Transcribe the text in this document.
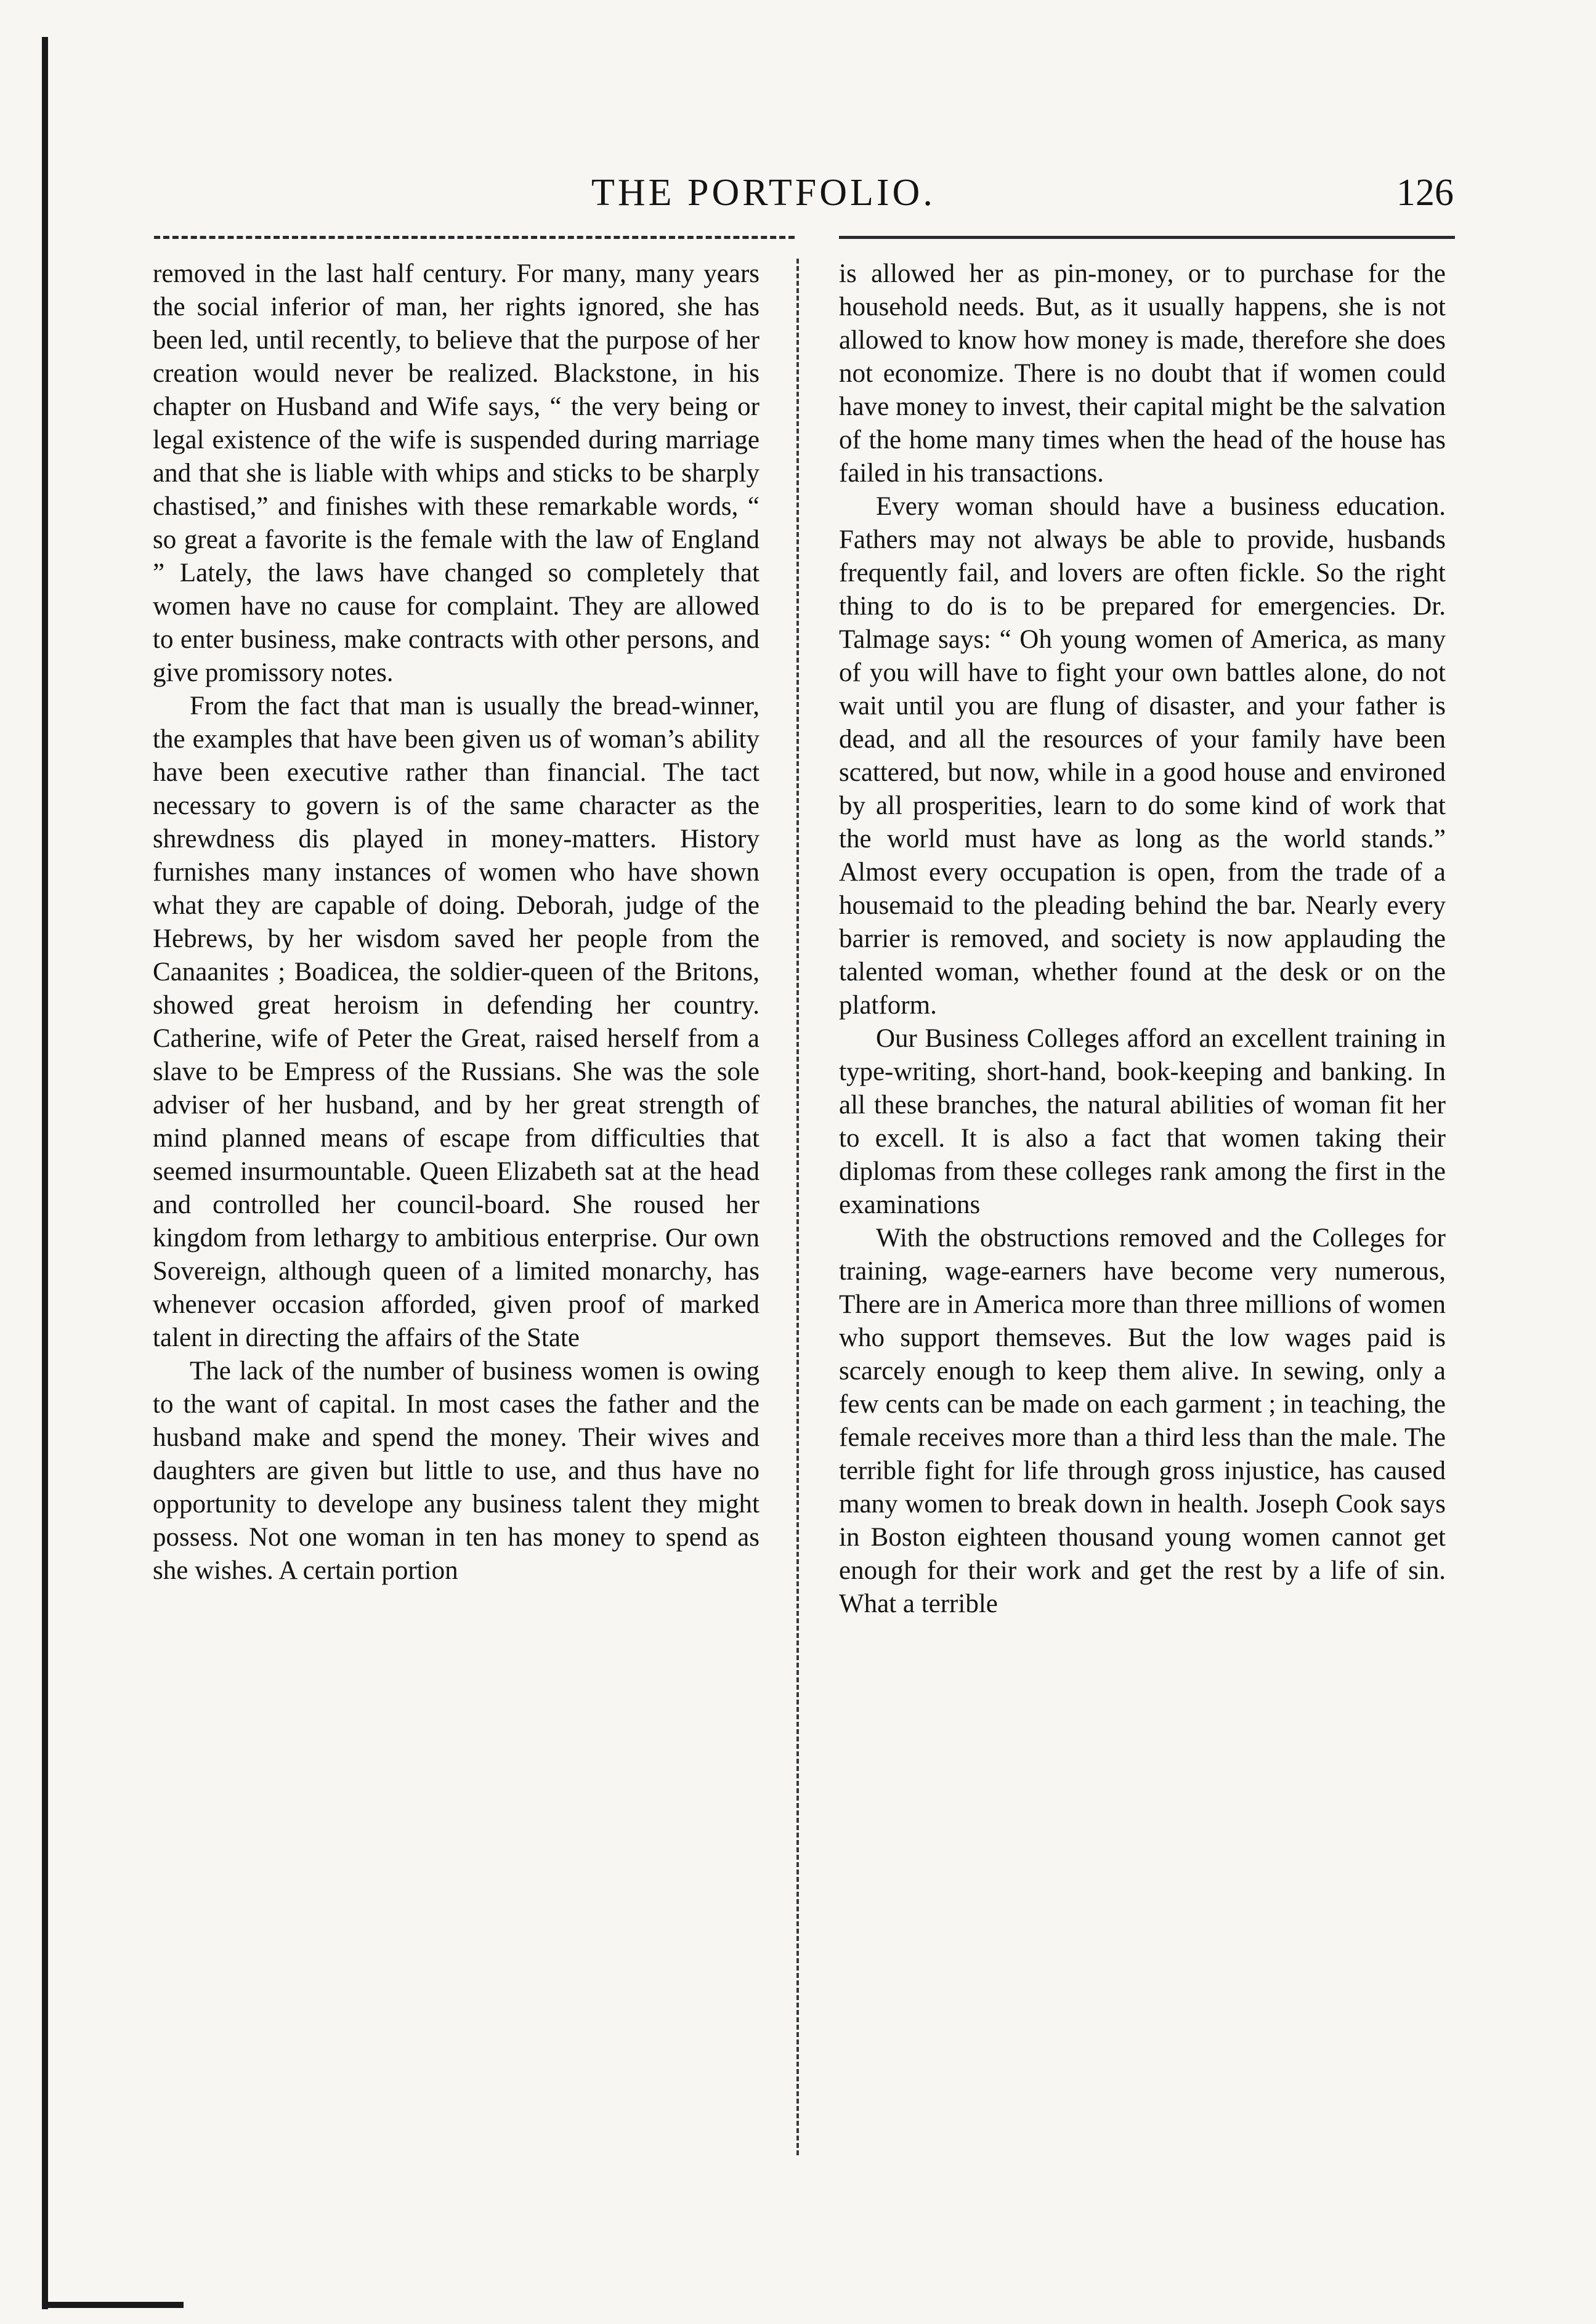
THE PORTFOLIO.	126

removed in the last half century. For many, many years the social inferior of man, her rights ignored, she has been led, until recently, to believe that the purpose of her creation would never be realized. Blackstone, in his chapter on Husband and Wife says, “ the very being or legal existence of the wife is suspended during marriage and that she is liable with whips and sticks to be sharply chastised,” and finishes with these remarkable words, “ so great a favorite is the female with the law of England ” Lately, the laws have changed so completely that women have no cause for complaint. They are allowed to enter business, make contracts with other persons, and give promissory notes.

From the fact that man is usually the bread-winner, the examples that have been given us of woman’s ability have been executive rather than financial. The tact necessary to govern is of the same character as the shrewdness dis played in money-matters. History furnishes many instances of women who have shown what they are capable of doing. Deborah, judge of the Hebrews, by her wisdom saved her people from the Canaanites ; Boadicea, the soldier-queen of the Britons, showed great heroism in defending her country. Catherine, wife of Peter the Great, raised herself from a slave to be Empress of the Russians. She was the sole adviser of her husband, and by her great strength of mind planned means of escape from difficulties that seemed insurmountable. Queen Elizabeth sat at the head and controlled her council-board. She roused her kingdom from lethargy to ambitious enterprise. Our own Sovereign, although queen of a limited monarchy, has whenever occasion afforded, given proof of marked talent in directing the affairs of the State

The lack of the number of business women is owing to the want of capital. In most cases the father and the husband make and spend the money. Their wives and daughters are given but little to use, and thus have no opportunity to develope any business talent they might possess. Not one woman in ten has money to spend as she wishes. A certain portion

is allowed her as pin-money, or to purchase for the household needs. But, as it usually happens, she is not allowed to know how money is made, therefore she does not economize. There is no doubt that if women could have money to invest, their capital might be the salvation of the home many times when the head of the house has failed in his transactions.

Every woman should have a business education. Fathers may not always be able to provide, husbands frequently fail, and lovers are often fickle. So the right thing to do is to be prepared for emergencies. Dr. Talmage says: “ Oh young women of America, as many of you will have to fight your own battles alone, do not wait until you are flung of disaster, and your father is dead, and all the resources of your family have been scattered, but now, while in a good house and environed by all prosperities, learn to do some kind of work that the world must have as long as the world stands.” Almost every occupation is open, from the trade of a housemaid to the pleading behind the bar. Nearly every barrier is removed, and society is now applauding the talented woman, whether found at the desk or on the platform.

Our Business Colleges afford an excellent training in type-writing, short-hand, book-keeping and banking. In all these branches, the natural abilities of woman fit her to excell. It is also a fact that women taking their diplomas from these colleges rank among the first in the examinations

With the obstructions removed and the Colleges for training, wage-earners have become very numerous, There are in America more than three millions of women who support themseves. But the low wages paid is scarcely enough to keep them alive. In sewing, only a few cents can be made on each garment ; in teaching, the female receives more than a third less than the male. The terrible fight for life through gross injustice, has caused many women to break down in health. Joseph Cook says in Boston eighteen thousand young women cannot get enough for their work and get the rest by a life of sin. What a terrible
